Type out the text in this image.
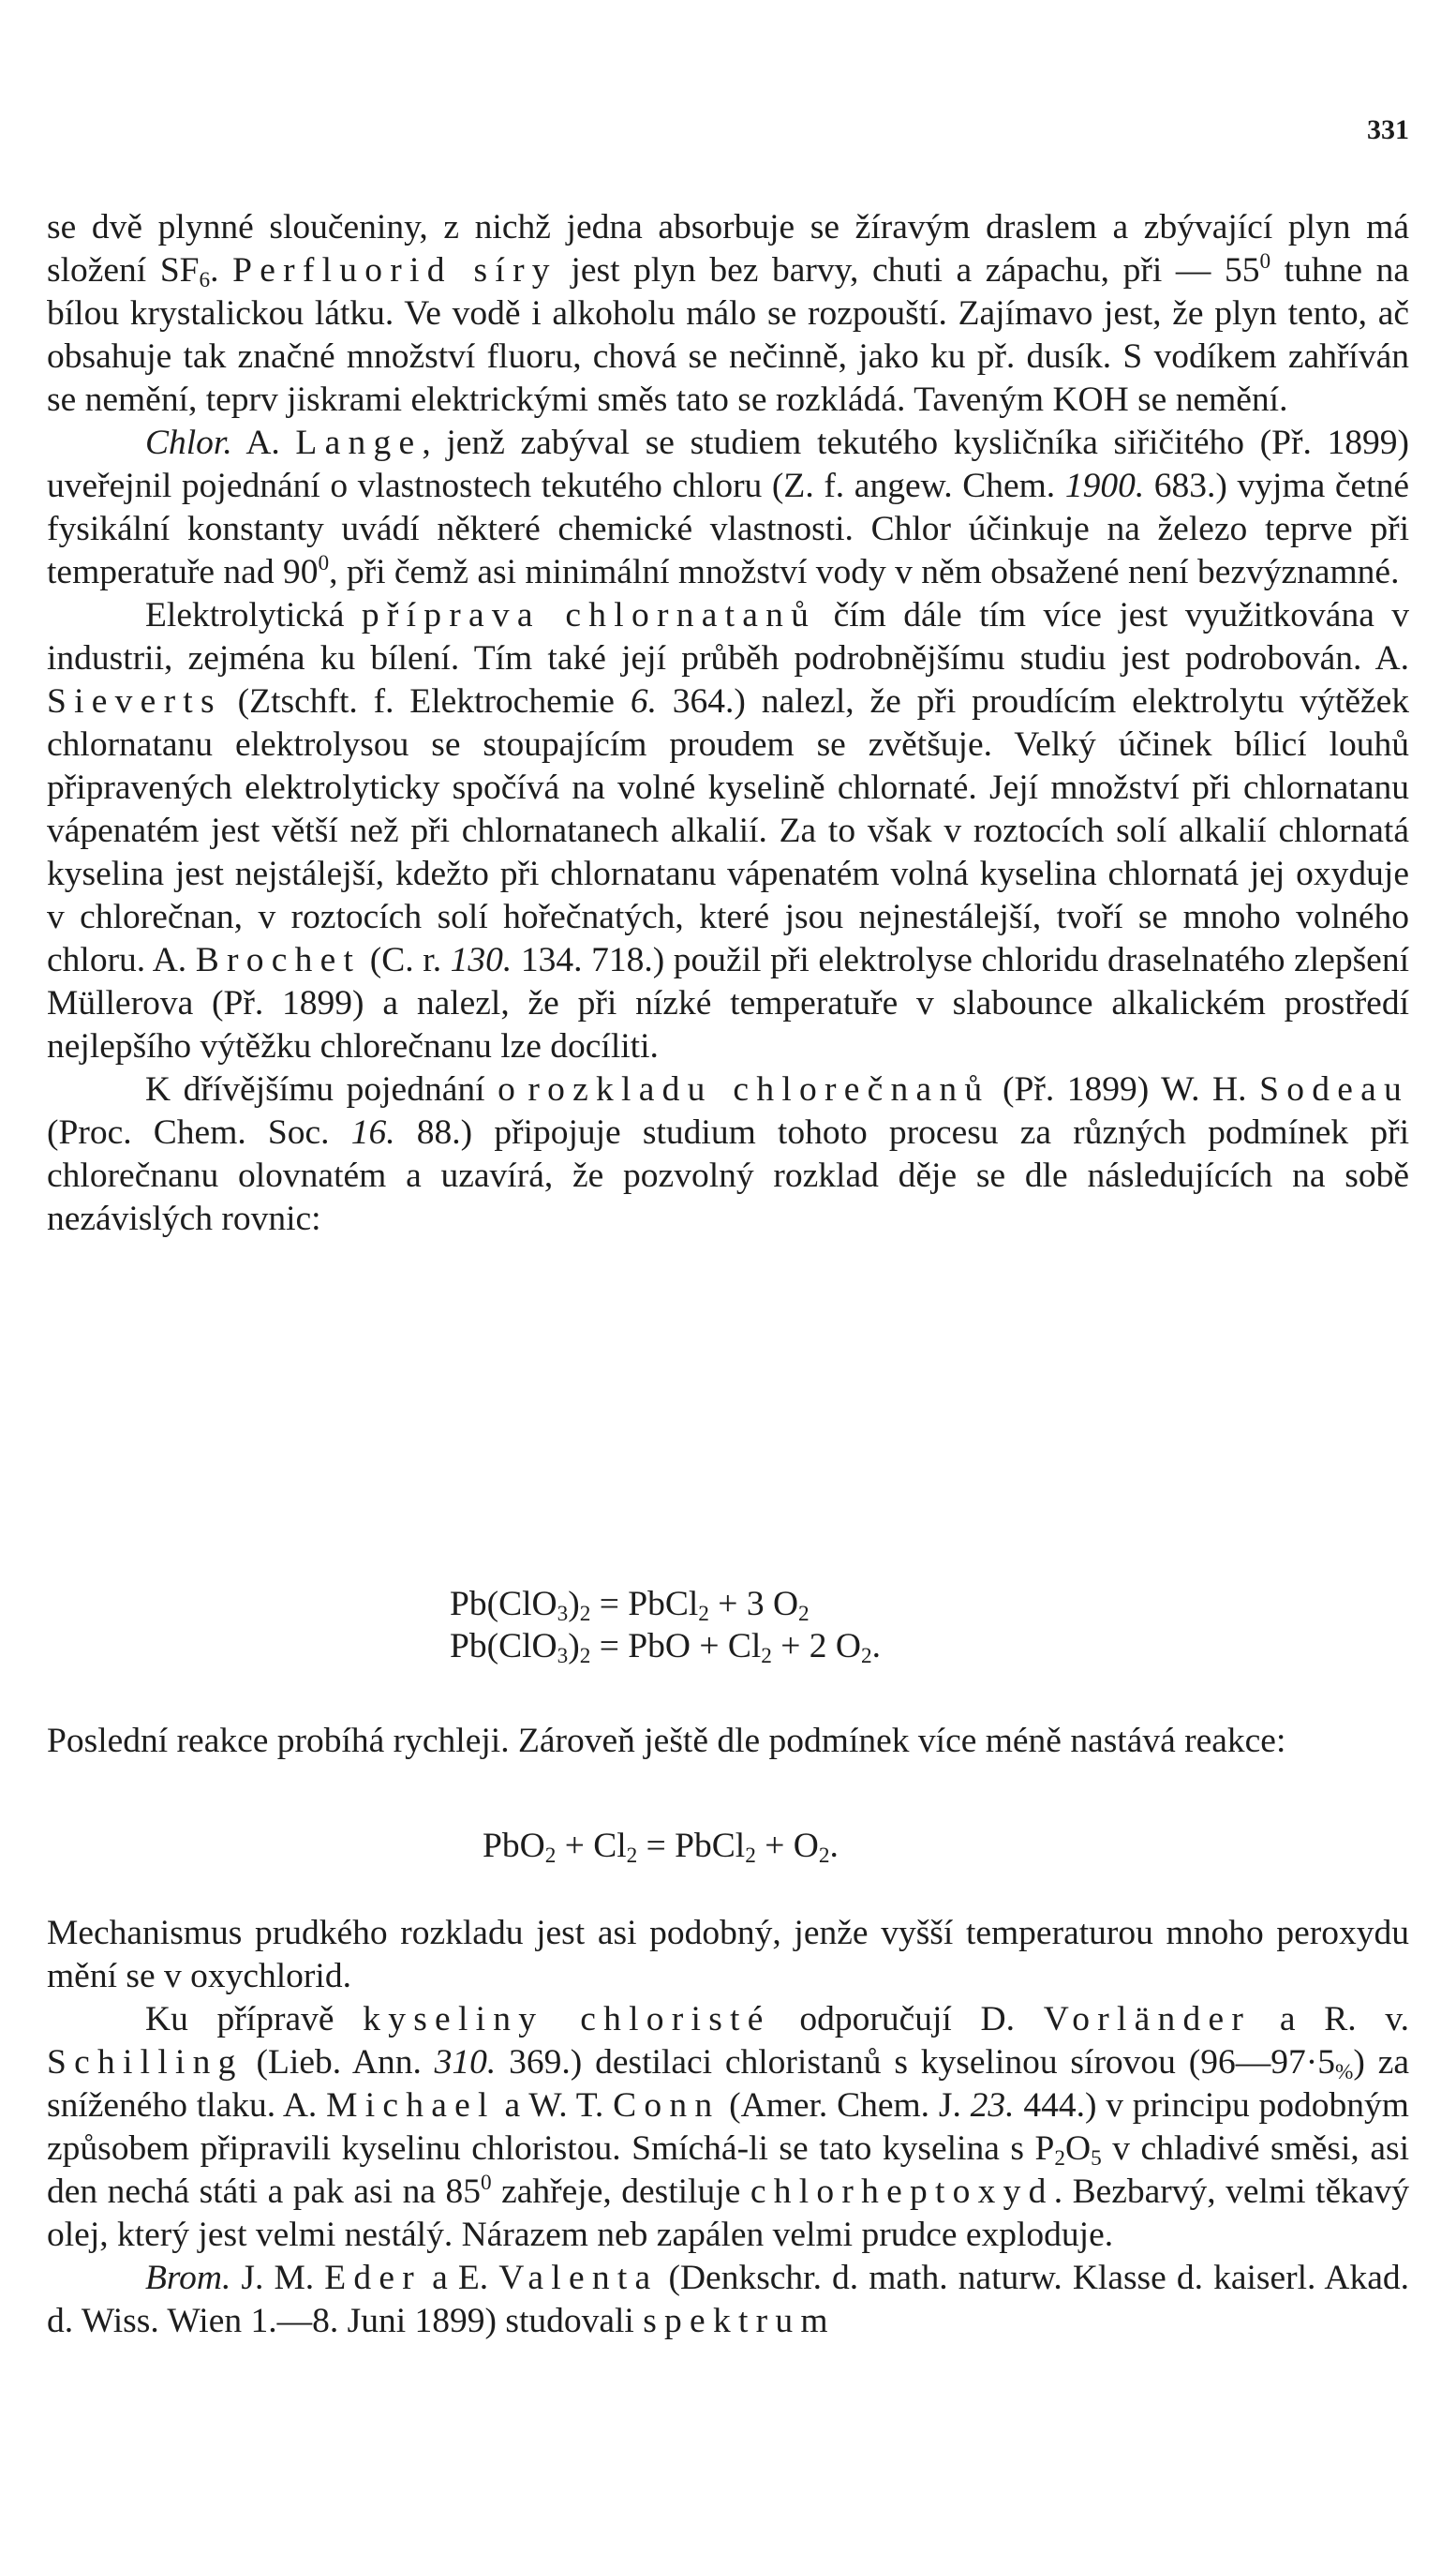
331

se dvě plynné sloučeniny, z nichž jedna absorbuje se žíravým draslem a zbývající plyn má složení $SF_6$. Perfluorid síry jest plyn bez barvy, chuti a zápachu, při — $55^0$ tuhne na bílou krystalickou látku. Ve vodě i alkoholu málo se rozpouští. Zajímavo jest, že plyn tento, ač obsahuje tak značné množství fluoru, chová se nečinně, jako ku př. dusík. S vodíkem zahříván se nemění, teprv jiskrami elektrickými směs tato se rozkládá. Taveným KOH se nemění.

Chlor. A. Lange, jenž zabýval se studiem tekutého kysličníka siřičitého (Př. 1899) uveřejnil pojednání o vlastnostech tekutého chloru (Z. f. angew. Chem. 1900. 683.) vyjma četné fysikální konstanty uvádí některé chemické vlastnosti. Chlor účinkuje na železo teprve při temperatuře nad $90^0$, při čemž asi minimální množství vody v něm obsažené není bezvýznamné.

Elektrolytická příprava chlornatanů čím dále tím více jest využitkována v industrii, zejména ku bílení. Tím také její průběh podrobnějšímu studiu jest podrobován. A. Sieverts (Ztschft. f. Elektrochemie 6. 364.) nalezl, že při proudícím elektrolytu výtěžek chlornatanu elektrolysou se stoupajícím proudem se zvětšuje. Velký účinek bílicí louhů připravených elektrolyticky spočívá na volné kyselině chlornaté. Její množství při chlornatanu vápenatém jest větší než při chlornatanech alkalií. Za to však v roztocích solí alkalií chlornatá kyselina jest nejstálejší, kdežto při chlornatanu vápenatém volná kyselina chlornatá jej oxyduje v chlorečnan, v roztocích solí hořečnatých, které jsou nejnestálejší, tvoří se mnoho volného chloru. A. Brochet (C. r. 130. 134. 718.) použil při elektrolyse chloridu draselnatého zlepšení Müllerova (Př. 1899) a nalezl, že při nízké temperatuře v slabounce alkalickém prostředí nejlepšího výtěžku chlorečnanu lze docíliti.

K dřívějšímu pojednání o rozkladu chlorečnanů (Př. 1899) W. H. Sodeau (Proc. Chem. Soc. 16. 88.) připojuje studium tohoto procesu za různých podmínek při chlorečnanu olovnatém a uzavírá, že pozvolný rozklad děje se dle následujících na sobě nezávislých rovnic:

$Pb(ClO_3)_2$ = PbCl$_2$ + 3 $O_2$
$Pb(ClO_3)_2$ = PbO + $Cl_2 + 2$ $O_2$.

Poslední reakce probíhá rychleji. Zároveň ještě dle podmínek více méně nastává reakce:

$PbO_2 + Cl_2$ = PbCl$_2$ + $O_2$.

Mechanismus prudkého rozkladu jest asi podobný, jenže vyšší temperaturou mnoho peroxydu mění se v oxychlorid.

Ku přípravě kyseliny chloristé odporučují D. Vorländer a R. v. Schilling (Lieb. Ann. 310. 369.) destilaci chloristanů s kyselinou sírovou $(96—97\cdot 5_{\%})$ za sníženého tlaku. A. Michael a W. T. Conn (Amer. Chem. J. 23. 444.) v principu podobným způsobem připravili kyselinu chloristou. Smíchá-li se tato kyselina s $P_2O_5$ v chladivé směsi, asi den nechá státi a pak asi na $85^0$ zahřeje, destiluje chlorheptoxyd. Bezbarvý, velmi těkavý olej, který jest velmi nestálý. Nárazem neb zapálen velmi prudce exploduje.

Brom. J. M. Eder a E. Valenta (Denkschr. d. math. naturw. Klasse d. kaiserl. Akad. d. Wiss. Wien 1.—8. Juni 1899) studovali spektrum
